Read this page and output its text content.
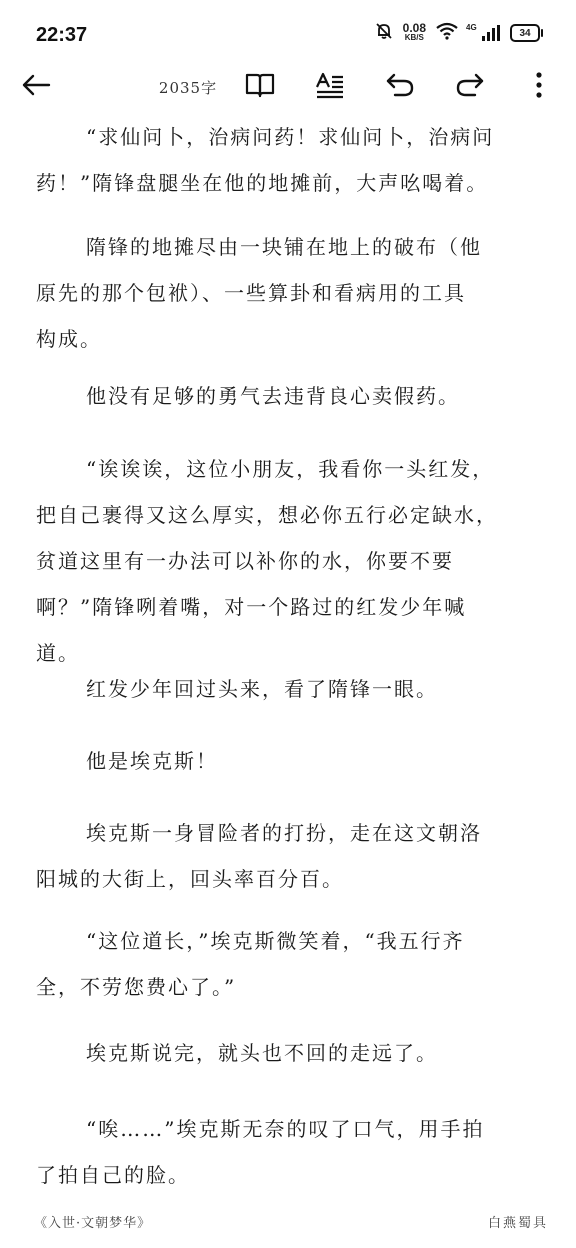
22:37	0.08
KB/S
4G	34
2035字
“求仙问卜，治病问药！求仙问卜，治病问
药！”隋锋盘腿坐在他的地摊前，大声吆喝着。
隋锋的地摊尽由一块铺在地上的破布（他
原先的那个包袱）、一些算卦和看病用的工具
构成。
他没有足够的勇气去违背良心卖假药。
“诶诶诶，这位小朋友，我看你一头红发，
把自己裹得又这么厚实，想必你五行必定缺水，
贫道这里有一办法可以补你的水，你要不要
啊？”隋锋咧着嘴，对一个路过的红发少年喊
道。
红发少年回过头来，看了隋锋一眼。
他是埃克斯！
埃克斯一身冒险者的打扮，走在这文朝洛
阳城的大街上，回头率百分百。
“这位道长，”埃克斯微笑着，“我五行齐
全，不劳您费心了。”
埃克斯说完，就头也不回的走远了。
“唉……”埃克斯无奈的叹了口气，用手拍
了拍自己的脸。
《入世·文朝梦华》	白燕蜀具
